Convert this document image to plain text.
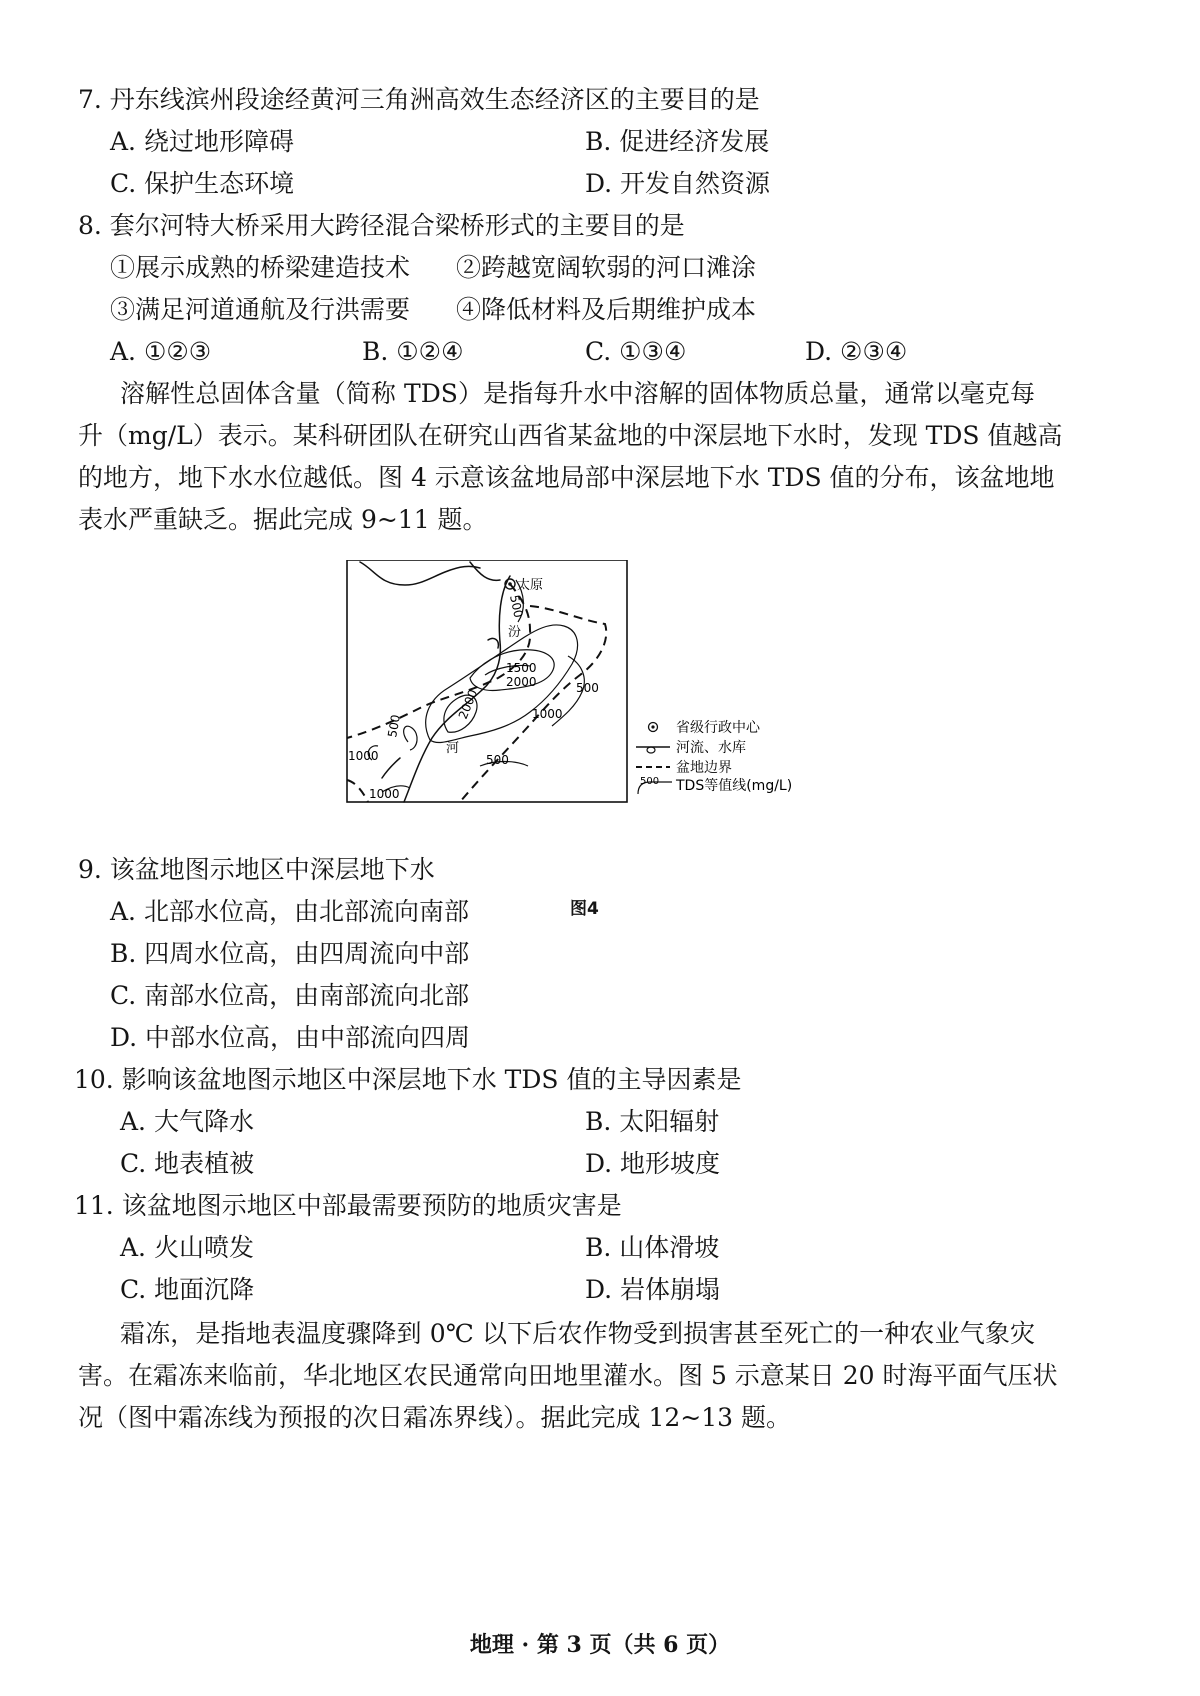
7. 丹东线滨州段途经黄河三角洲高效生态经济区的主要目的是
A. 绕过地形障碍	B. 促进经济发展
C. 保护生态环境	D. 开发自然资源
8. 套尔河特大桥采用大跨径混合梁桥形式的主要目的是
①展示成熟的桥梁建造技术 ②跨越宽阔软弱的河口滩涂
③满足河道通航及行洪需要 ④降低材料及后期维护成本
A. ①②③	B. ①②④	C. ①③④	D. ②③④
溶解性总固体含量（简称 TDS）是指每升水中溶解的固体物质总量，通常以毫克每
升（mg/L）表示。某科研团队在研究山西省某盆地的中深层地下水时，发现 TDS 值越高
的地方，地下水水位越低。图 4 示意该盆地局部中深层地下水 TDS 值的分布，该盆地地
表水严重缺乏。据此完成 9~11 题。
太原
汾
河
500
1500
2000
2000	1000
500
500
1000
1000
500	省级行政中心
河流、水库
盆地边界
500 TDS等值线(mg/L)
图4
9. 该盆地图示地区中深层地下水
A. 北部水位高，由北部流向南部
B. 四周水位高，由四周流向中部
C. 南部水位高，由南部流向北部
D. 中部水位高，由中部流向四周
10. 影响该盆地图示地区中深层地下水 TDS 值的主导因素是
A. 大气降水	B. 太阳辐射
C. 地表植被	D. 地形坡度
11. 该盆地图示地区中部最需要预防的地质灾害是
A. 火山喷发	B. 山体滑坡
C. 地面沉降	D. 岩体崩塌
霜冻，是指地表温度骤降到 0℃ 以下后农作物受到损害甚至死亡的一种农业气象灾
害。在霜冻来临前，华北地区农民通常向田地里灌水。图 5 示意某日 20 时海平面气压状
况（图中霜冻线为预报的次日霜冻界线）。据此完成 12~13 题。
地理 · 第 3 页（共 6 页）
